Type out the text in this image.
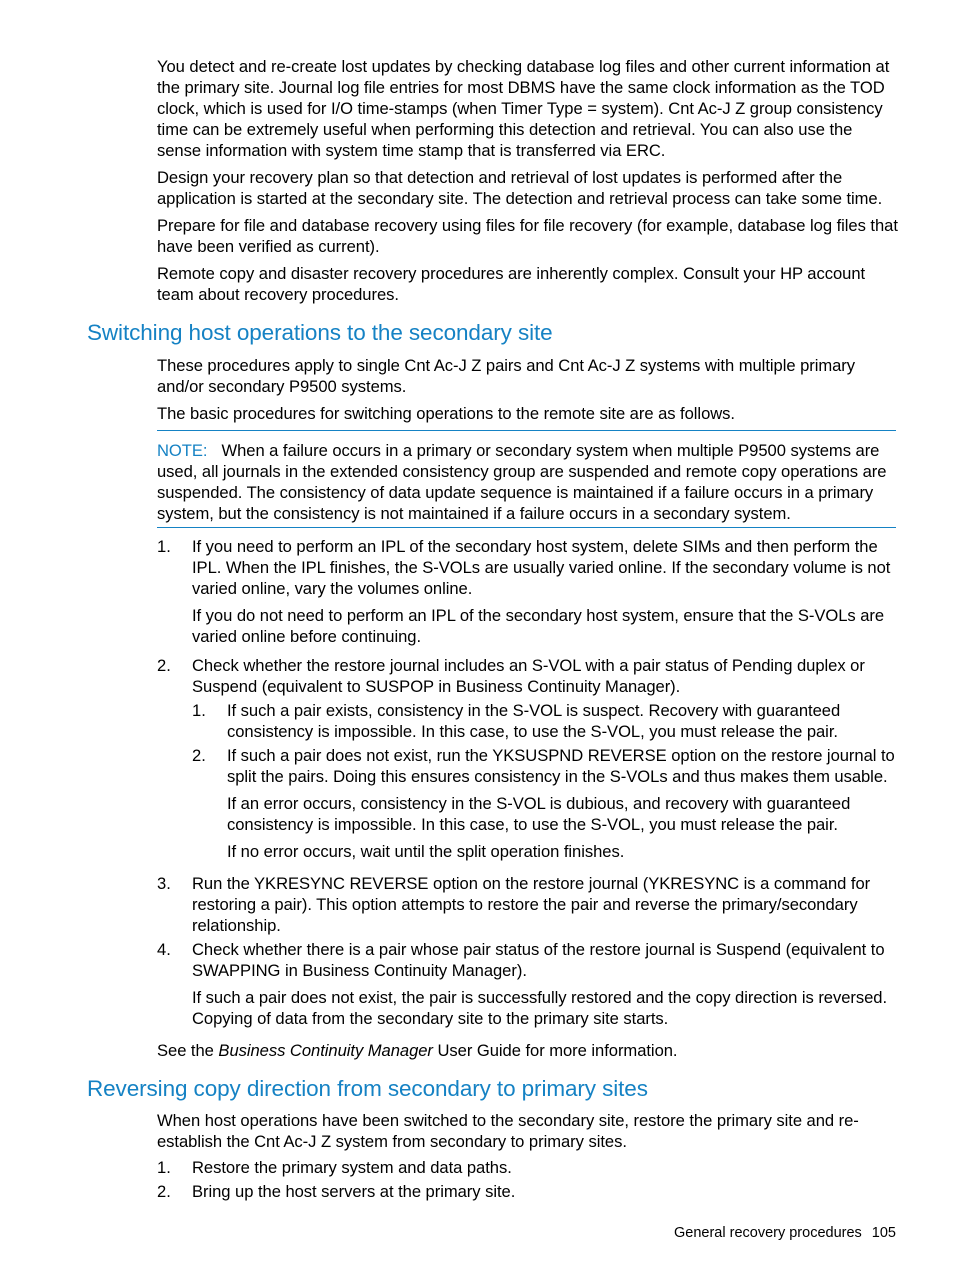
You detect and re-create lost updates by checking database log files and other current information at the primary site. Journal log file entries for most DBMS have the same clock information as the TOD clock, which is used for I/O time-stamps (when Timer Type = system). Cnt Ac-J Z group consistency time can be extremely useful when performing this detection and retrieval. You can also use the sense information with system time stamp that is transferred via ERC.

Design your recovery plan so that detection and retrieval of lost updates is performed after the application is started at the secondary site. The detection and retrieval process can take some time.

Prepare for file and database recovery using files for file recovery (for example, database log files that have been verified as current).

Remote copy and disaster recovery procedures are inherently complex. Consult your HP account team about recovery procedures.

Switching host operations to the secondary site

These procedures apply to single Cnt Ac-J Z pairs and Cnt Ac-J Z systems with multiple primary and/or secondary P9500 systems.

The basic procedures for switching operations to the remote site are as follows.

NOTE: When a failure occurs in a primary or secondary system when multiple P9500 systems are used, all journals in the extended consistency group are suspended and remote copy operations are suspended. The consistency of data update sequence is maintained if a failure occurs in a primary system, but the consistency is not maintained if a failure occurs in a secondary system.

1. If you need to perform an IPL of the secondary host system, delete SIMs and then perform the IPL. When the IPL finishes, the S-VOLs are usually varied online. If the secondary volume is not varied online, vary the volumes online.

If you do not need to perform an IPL of the secondary host system, ensure that the S-VOLs are varied online before continuing.

2. Check whether the restore journal includes an S-VOL with a pair status of Pending duplex or Suspend (equivalent to SUSPOP in Business Continuity Manager).

1. If such a pair exists, consistency in the S-VOL is suspect. Recovery with guaranteed consistency is impossible. In this case, to use the S-VOL, you must release the pair.

2. If such a pair does not exist, run the YKSUSPND REVERSE option on the restore journal to split the pairs. Doing this ensures consistency in the S-VOLs and thus makes them usable.

If an error occurs, consistency in the S-VOL is dubious, and recovery with guaranteed consistency is impossible. In this case, to use the S-VOL, you must release the pair.

If no error occurs, wait until the split operation finishes.

3. Run the YKRESYNC REVERSE option on the restore journal (YKRESYNC is a command for restoring a pair). This option attempts to restore the pair and reverse the primary/secondary relationship.

4. Check whether there is a pair whose pair status of the restore journal is Suspend (equivalent to SWAPPING in Business Continuity Manager).

If such a pair does not exist, the pair is successfully restored and the copy direction is reversed. Copying of data from the secondary site to the primary site starts.

See the Business Continuity Manager User Guide for more information.

Reversing copy direction from secondary to primary sites

When host operations have been switched to the secondary site, restore the primary site and re-establish the Cnt Ac-J Z system from secondary to primary sites.

1. Restore the primary system and data paths.

2. Bring up the host servers at the primary site.

General recovery procedures 105
